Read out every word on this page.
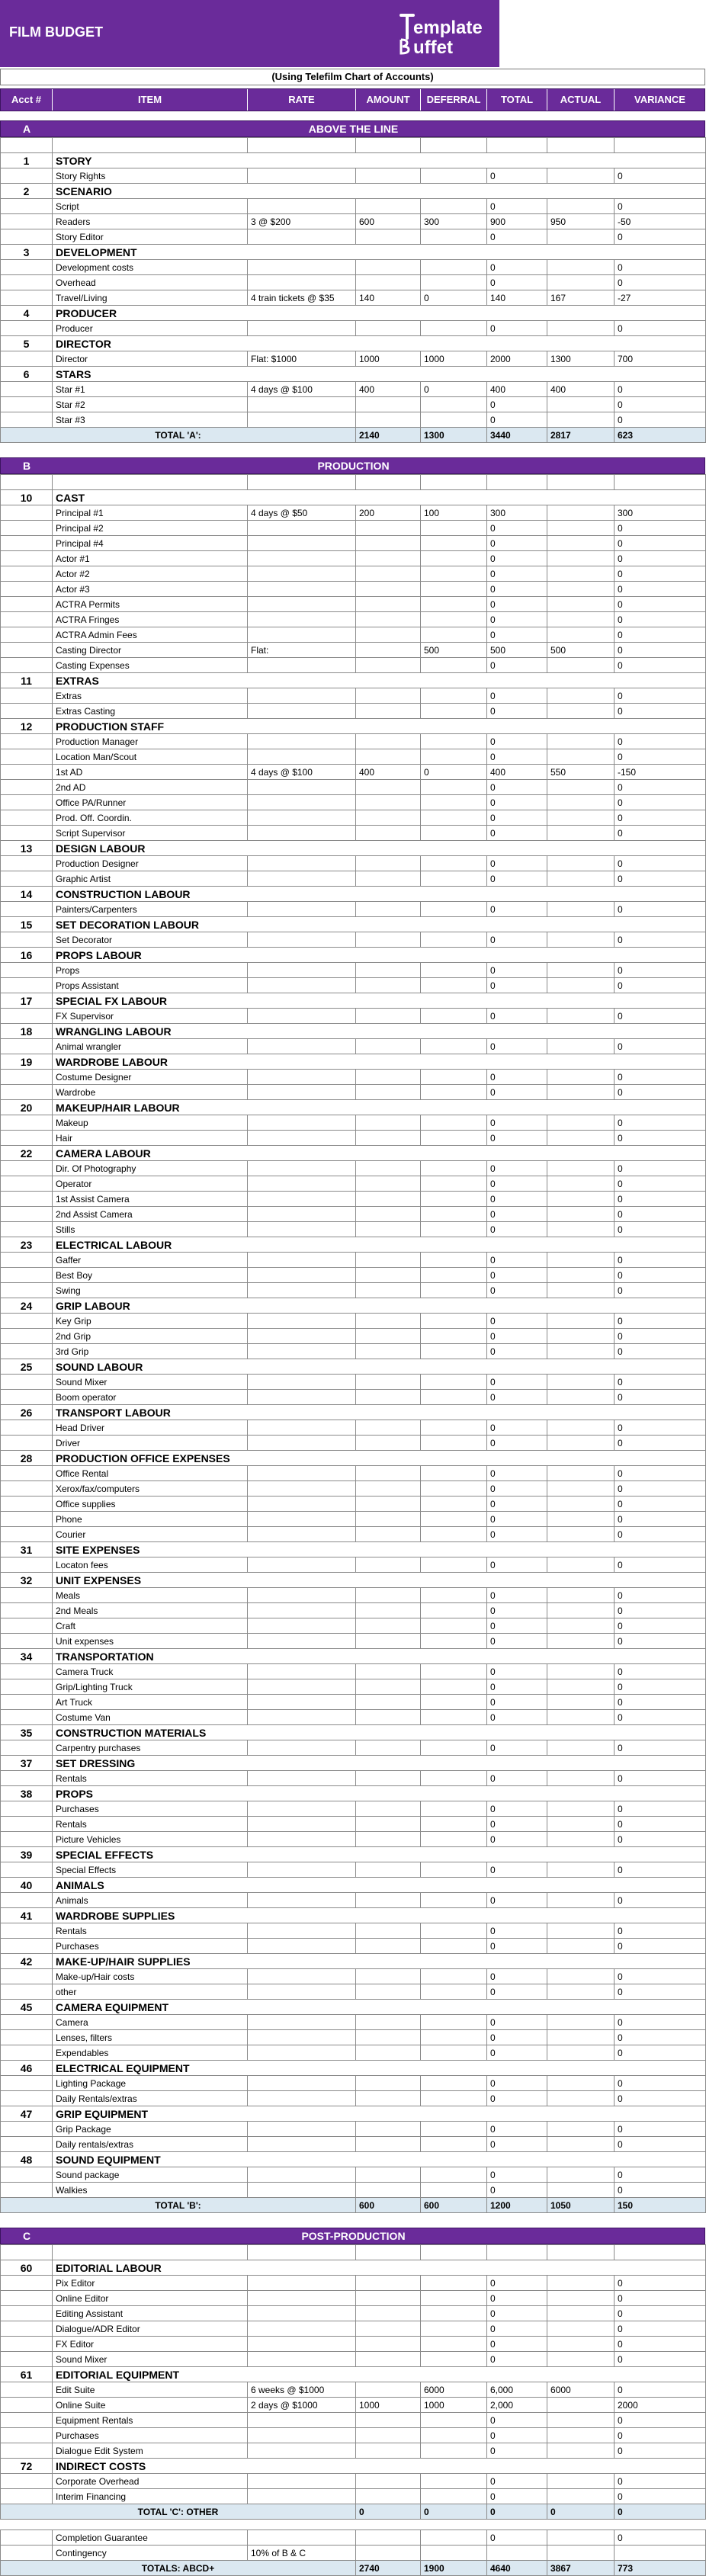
FILM BUDGET	emplate
uffet
(Using Telefilm Chart of Accounts)
Acct #	ITEM	RATE	AMOUNT	DEFERRAL	TOTAL	ACTUAL	VARIANCE
A	ABOVE THE LINE

1	STORY						
	Story Rights				0		0
2	SCENARIO						
	Script				0		0
	Readers	3 @ $200	600	300	900	950	-50
	Story Editor				0		0
3	DEVELOPMENT						
	Development costs				0		0
	Overhead				0		0
	Travel/Living	4 train tickets @ $35	140	0	140	167	-27
4	PRODUCER						
	Producer				0		0
5	DIRECTOR						
	Director	Flat: $1000	1000	1000	2000	1300	700
6	STARS						
	Star #1	4 days @ $100	400	0	400	400	0
	Star #2				0		0
	Star #3				0		0
TOTAL 'A':			2140	1300	3440	2817	623
B	PRODUCTION

10	CAST						
	Principal #1	4 days @ $50	200	100	300		300
	Principal #2				0		0
	Principal #4				0		0
	Actor #1				0		0
	Actor #2				0		0
	Actor #3				0		0
	ACTRA Permits				0		0
	ACTRA Fringes				0		0
	ACTRA Admin Fees				0		0
	Casting Director	Flat:		500	500	500	0
	Casting Expenses				0		0
11	EXTRAS						
	Extras				0		0
	Extras Casting				0		0
12	PRODUCTION STAFF						
	Production Manager				0		0
	Location Man/Scout				0		0
	1st AD	4 days @ $100	400	0	400	550	-150
	2nd AD				0		0
	Office PA/Runner				0		0
	Prod. Off. Coordin.				0		0
	Script Supervisor				0		0
13	DESIGN LABOUR						
	Production Designer				0		0
	Graphic Artist				0		0
14	CONSTRUCTION LABOUR						
	Painters/Carpenters				0		0
15	SET DECORATION LABOUR						
	Set Decorator				0		0
16	PROPS LABOUR						
	Props				0		0
	Props Assistant				0		0
17	SPECIAL FX LABOUR						
	FX Supervisor				0		0
18	WRANGLING LABOUR						
	Animal wrangler				0		0
19	WARDROBE LABOUR						
	Costume Designer				0		0
	Wardrobe				0		0
20	MAKEUP/HAIR LABOUR						
	Makeup				0		0
	Hair				0		0
22	CAMERA LABOUR						
	Dir. Of Photography				0		0
	Operator				0		0
	1st Assist Camera				0		0
	2nd Assist Camera				0		0
	Stills				0		0
23	ELECTRICAL LABOUR						
	Gaffer				0		0
	Best Boy				0		0
	Swing				0		0
24	GRIP LABOUR						
	Key Grip				0		0
	2nd Grip				0		0
	3rd Grip				0		0
25	SOUND LABOUR						
	Sound Mixer				0		0
	Boom operator				0		0
26	TRANSPORT LABOUR						
	Head Driver				0		0
	Driver				0		0
28	PRODUCTION OFFICE EXPENSES						
	Office Rental				0		0
	Xerox/fax/computers				0		0
	Office supplies				0		0
	Phone				0		0
	Courier				0		0
31	SITE EXPENSES						
	Locaton fees				0		0
32	UNIT EXPENSES						
	Meals				0		0
	2nd Meals				0		0
	Craft				0		0
	Unit expenses				0		0
34	TRANSPORTATION						
	Camera Truck				0		0
	Grip/Lighting Truck				0		0
	Art Truck				0		0
	Costume Van				0		0
35	CONSTRUCTION MATERIALS						
	Carpentry purchases				0		0
37	SET DRESSING						
	Rentals				0		0
38	PROPS						
	Purchases				0		0
	Rentals				0		0
	Picture Vehicles				0		0
39	SPECIAL EFFECTS						
	Special Effects				0		0
40	ANIMALS						
	Animals				0		0
41	WARDROBE SUPPLIES						
	Rentals				0		0
	Purchases				0		0
42	MAKE-UP/HAIR SUPPLIES						
	Make-up/Hair costs				0		0
	other				0		0
45	CAMERA EQUIPMENT						
	Camera				0		0
	Lenses, filters				0		0
	Expendables				0		0
46	ELECTRICAL EQUIPMENT						
	Lighting Package				0		0
	Daily Rentals/extras				0		0
47	GRIP EQUIPMENT						
	Grip Package				0		0
	Daily rentals/extras				0		0
48	SOUND EQUIPMENT						
	Sound package				0		0
	Walkies				0		0
TOTAL 'B':			600	600	1200	1050	150
C	POST-PRODUCTION

60	EDITORIAL LABOUR						
	Pix Editor				0		0
	Online Editor				0		0
	Editing Assistant				0		0
	Dialogue/ADR Editor				0		0
	FX Editor				0		0
	Sound Mixer				0		0
61	EDITORIAL EQUIPMENT						
	Edit Suite	6 weeks @ $1000		6000	6,000	6000	0
	Online Suite	2 days @ $1000	1000	1000	2,000		2000
	Equipment Rentals				0		0
	Purchases				0		0
	Dialogue Edit System				0		0
72	INDIRECT COSTS						
	Corporate Overhead				0		0
	Interim Financing				0		0
TOTAL 'C': OTHER			0	0	0	0	0
	Completion Guarantee				0		0
	Contingency	10% of B & C					
TOTALS: ABCD+			2740	1900	4640	3867	773
